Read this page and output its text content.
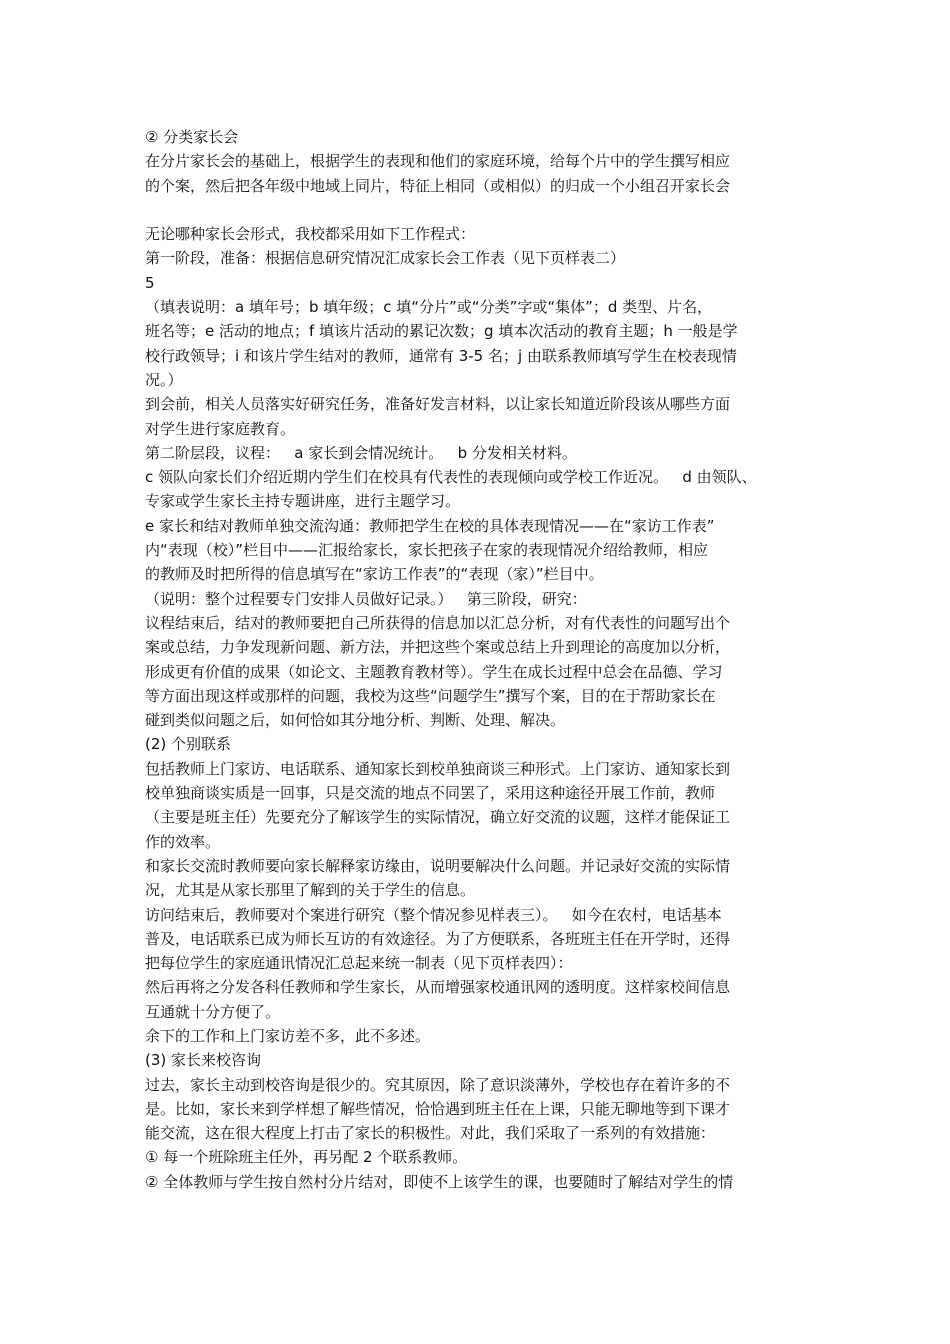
② 分类家长会
在分片家长会的基础上，根据学生的表现和他们的家庭环境，给每个片中的学生撰写相应
的个案，然后把各年级中地域上同片，特征上相同（或相似）的归成一个小组召开家长会
无论哪种家长会形式，我校都采用如下工作程式：
第一阶段，准备：根据信息研究情况汇成家长会工作表（见下页样表二）
5
（填表说明：a 填年号；b 填年级；c 填“分片”或“分类”字或“集体”；d 类型、片名，
班名等；e 活动的地点；f 填该片活动的累记次数；g 填本次活动的教育主题；h 一般是学
校行政领导；i 和该片学生结对的教师，通常有 3-5 名；j 由联系教师填写学生在校表现情
况。）
到会前，相关人员落实好研究任务，准备好发言材料，以让家长知道近阶段该从哪些方面
对学生进行家庭教育。
第二阶层段，议程：   a 家长到会情况统计。   b 分发相关材料。
c 领队向家长们介绍近期内学生们在校具有代表性的表现倾向或学校工作近况。   d 由领队、
专家或学生家长主持专题讲座，进行主题学习。
e 家长和结对教师单独交流沟通：教师把学生在校的具体表现情况——在“家访工作表”
内“表现（校）”栏目中——汇报给家长，家长把孩子在家的表现情况介绍给教师，相应
的教师及时把所得的信息填写在“家访工作表”的“表现（家）”栏目中。
（说明：整个过程要专门安排人员做好记录。）   第三阶段，研究：
议程结束后，结对的教师要把自己所获得的信息加以汇总分析，对有代表性的问题写出个
案或总结，力争发现新问题、新方法，并把这些个案或总结上升到理论的高度加以分析，
形成更有价值的成果（如论文、主题教育教材等）。学生在成长过程中总会在品德、学习
等方面出现这样或那样的问题，我校为这些“问题学生”撰写个案，目的在于帮助家长在
碰到类似问题之后，如何恰如其分地分析、判断、处理、解决。
(2) 个别联系
包括教师上门家访、电话联系、通知家长到校单独商谈三种形式。上门家访、通知家长到
校单独商谈实质是一回事，只是交流的地点不同罢了，采用这种途径开展工作前，教师
（主要是班主任）先要充分了解该学生的实际情况，确立好交流的议题，这样才能保证工
作的效率。
和家长交流时教师要向家长解释家访缘由，说明要解决什么问题。并记录好交流的实际情
况，尤其是从家长那里了解到的关于学生的信息。
访问结束后，教师要对个案进行研究（整个情况参见样表三）。   如今在农村，电话基本
普及，电话联系已成为师长互访的有效途径。为了方便联系，各班班主任在开学时，还得
把每位学生的家庭通讯情况汇总起来统一制表（见下页样表四）：
然后再将之分发各科任教师和学生家长，从而增强家校通讯网的透明度。这样家校间信息
互通就十分方便了。
余下的工作和上门家访差不多，此不多述。
(3) 家长来校咨询
过去，家长主动到校咨询是很少的。究其原因，除了意识淡薄外，学校也存在着许多的不
是。比如，家长来到学样想了解些情况，恰恰遇到班主任在上课，只能无聊地等到下课才
能交流，这在很大程度上打击了家长的积极性。对此，我们采取了一系列的有效措施：
① 每一个班除班主任外，再另配 2 个联系教师。
② 全体教师与学生按自然村分片结对，即使不上该学生的课，也要随时了解结对学生的情
